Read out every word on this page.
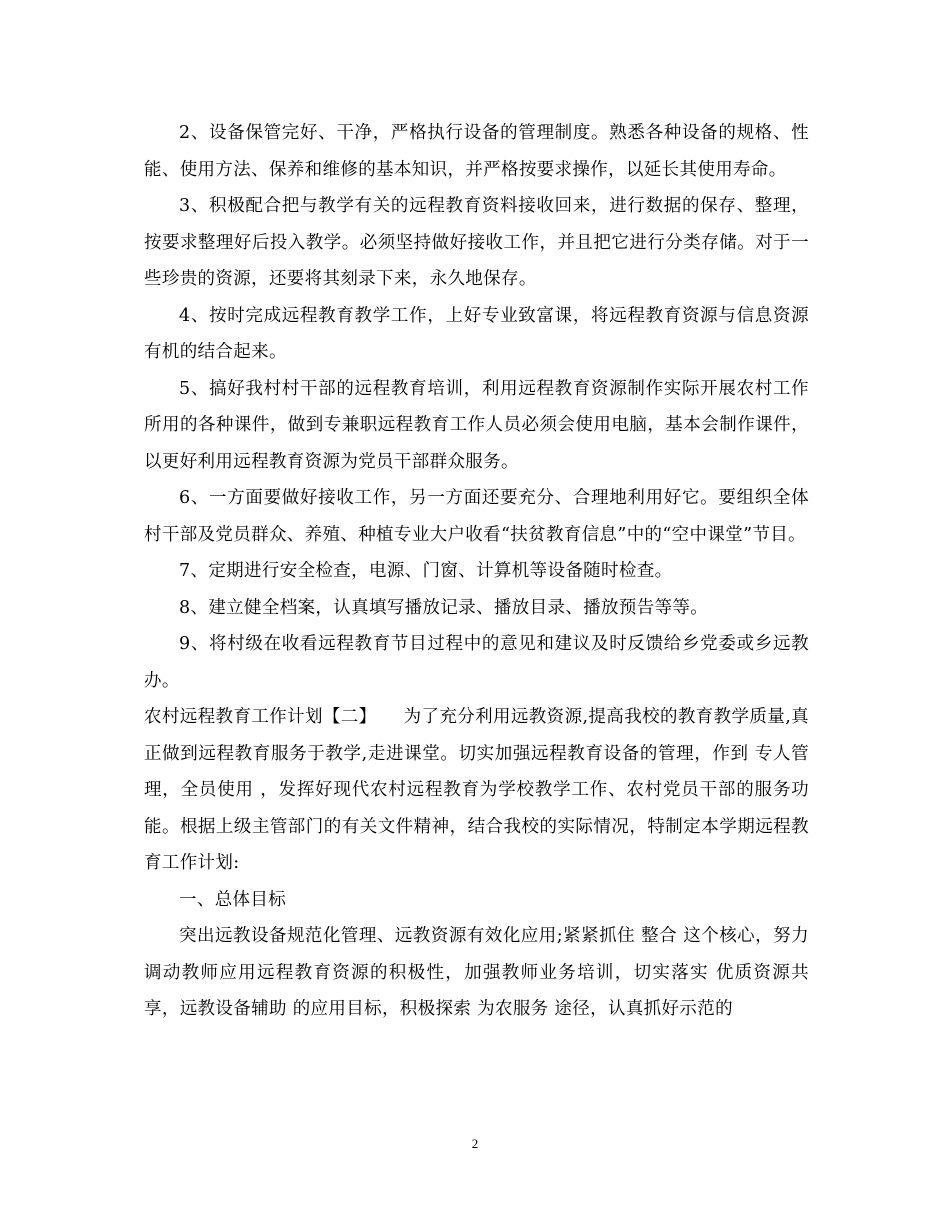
2、设备保管完好、干净，严格执行设备的管理制度。熟悉各种设备的规格、性能、使用方法、保养和维修的基本知识，并严格按要求操作，以延长其使用寿命。

3、积极配合把与教学有关的远程教育资料接收回来，进行数据的保存、整理，按要求整理好后投入教学。必须坚持做好接收工作，并且把它进行分类存储。对于一些珍贵的资源，还要将其刻录下来，永久地保存。

4、按时完成远程教育教学工作，上好专业致富课，将远程教育资源与信息资源有机的结合起来。

5、搞好我村村干部的远程教育培训，利用远程教育资源制作实际开展农村工作所用的各种课件，做到专兼职远程教育工作人员必须会使用电脑，基本会制作课件，以更好利用远程教育资源为党员干部群众服务。

6、一方面要做好接收工作，另一方面还要充分、合理地利用好它。要组织全体村干部及党员群众、养殖、种植专业大户收看“扶贫教育信息”中的“空中课堂”节目。

7、定期进行安全检查，电源、门窗、计算机等设备随时检查。

8、建立健全档案，认真填写播放记录、播放目录、播放预告等等。

9、将村级在收看远程教育节目过程中的意见和建议及时反馈给乡党委或乡远教办。

农村远程教育工作计划【二】　　为了充分利用远教资源,提高我校的教育教学质量,真正做到远程教育服务于教学,走进课堂。切实加强远程教育设备的管理，作到 专人管理，全员使用 ，发挥好现代农村远程教育为学校教学工作、农村党员干部的服务功能。根据上级主管部门的有关文件精神，结合我校的实际情况，特制定本学期远程教育工作计划:

一、总体目标

突出远教设备规范化管理、远教资源有效化应用;紧紧抓住 整合 这个核心，努力调动教师应用远程教育资源的积极性，加强教师业务培训，切实落实 优质资源共享，远教设备辅助 的应用目标，积极探索 为农服务 途径，认真抓好示范的

2
